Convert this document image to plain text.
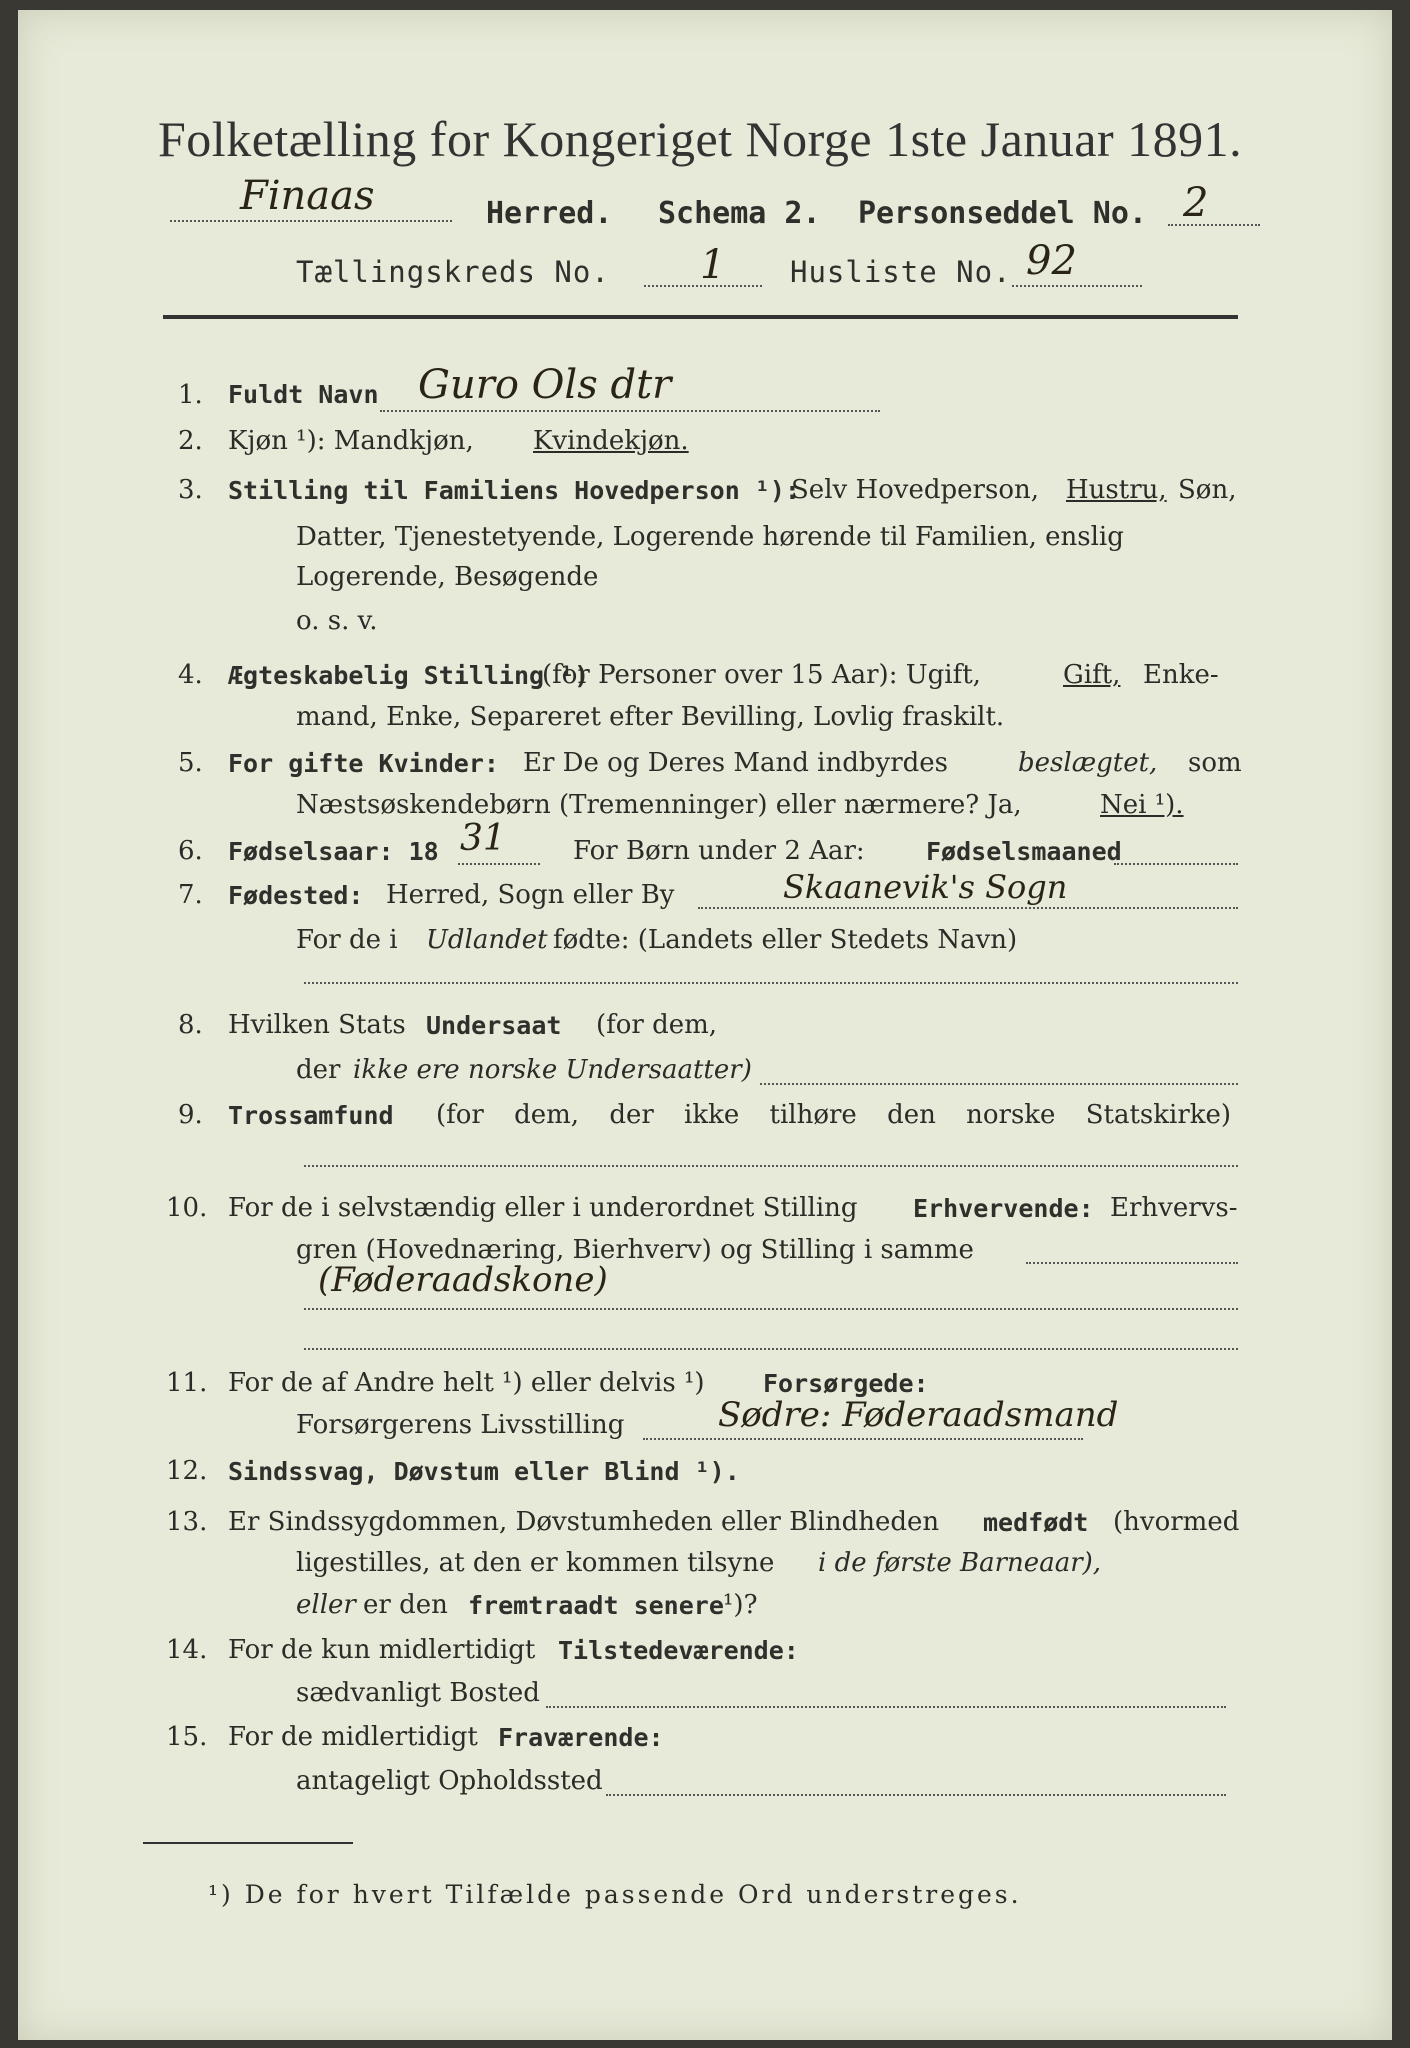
Folketælling for Kongeriget Norge 1ste Januar 1891.
Finaas	Herred. Schema 2. Personseddel No. 2
Tællingskreds No. 1 Husliste No. 92
1. Fuldt Navn Guro Ols dtr
2. Kjøn ¹): Mandkjøn, Kvindekjøn.
3. Stilling til Familiens Hovedperson ¹):
Selv Hovedperson, Hustru, Søn,
Datter, Tjenestetyende, Logerende hørende til Familien, enslig
Logerende, Besøgende
o. s. v.
4. Ægteskabelig Stilling ¹)
(for Personer over 15 Aar): Ugift,	Gift, Enke-
mand, Enke, Separeret efter Bevilling, Lovlig fraskilt.
5. For gifte Kvinder: Er De og Deres Mand indbyrdes	beslægtet, som
Næstsøskendebørn (Tremenninger) eller nærmere? Ja,	Nei ¹).
6. Fødselsaar: 18 31	For Børn under 2 Aar: Fødselsmaaned
7. Fødested: Herred, Sogn eller By	Skaanevik's Sogn
For de i Udlandet fødte: (Landets eller Stedets Navn)
8. Hvilken Stats Undersaat (for dem,
der ikke ere norske Undersaatter)
9. Trossamfund (for dem, der ikke tilhøre den norske Statskirke)
10. For de i selvstændig eller i underordnet Stilling Erhvervende: Erhvervs-
gren (Hovednæring, Bierhverv) og Stilling i samme
(Føderaadskone)
11. For de af Andre helt ¹) eller delvis ¹) Forsørgede:
Forsørgerens Livsstilling	Sødre: Føderaadsmand
12. Sindssvag, Døvstum eller Blind ¹).
13. Er Sindssygdommen, Døvstumheden eller Blindheden medfødt (hvormed
ligestilles, at den er kommen tilsyne i de første Barneaar),
eller er den fremtraadt senere ¹)?
14. For de kun midlertidigt Tilstedeværende:
sædvanligt Bosted
15. For de midlertidigt Fraværende:
antageligt Opholdssted
¹) De for hvert Tilfælde passende Ord understreges.
